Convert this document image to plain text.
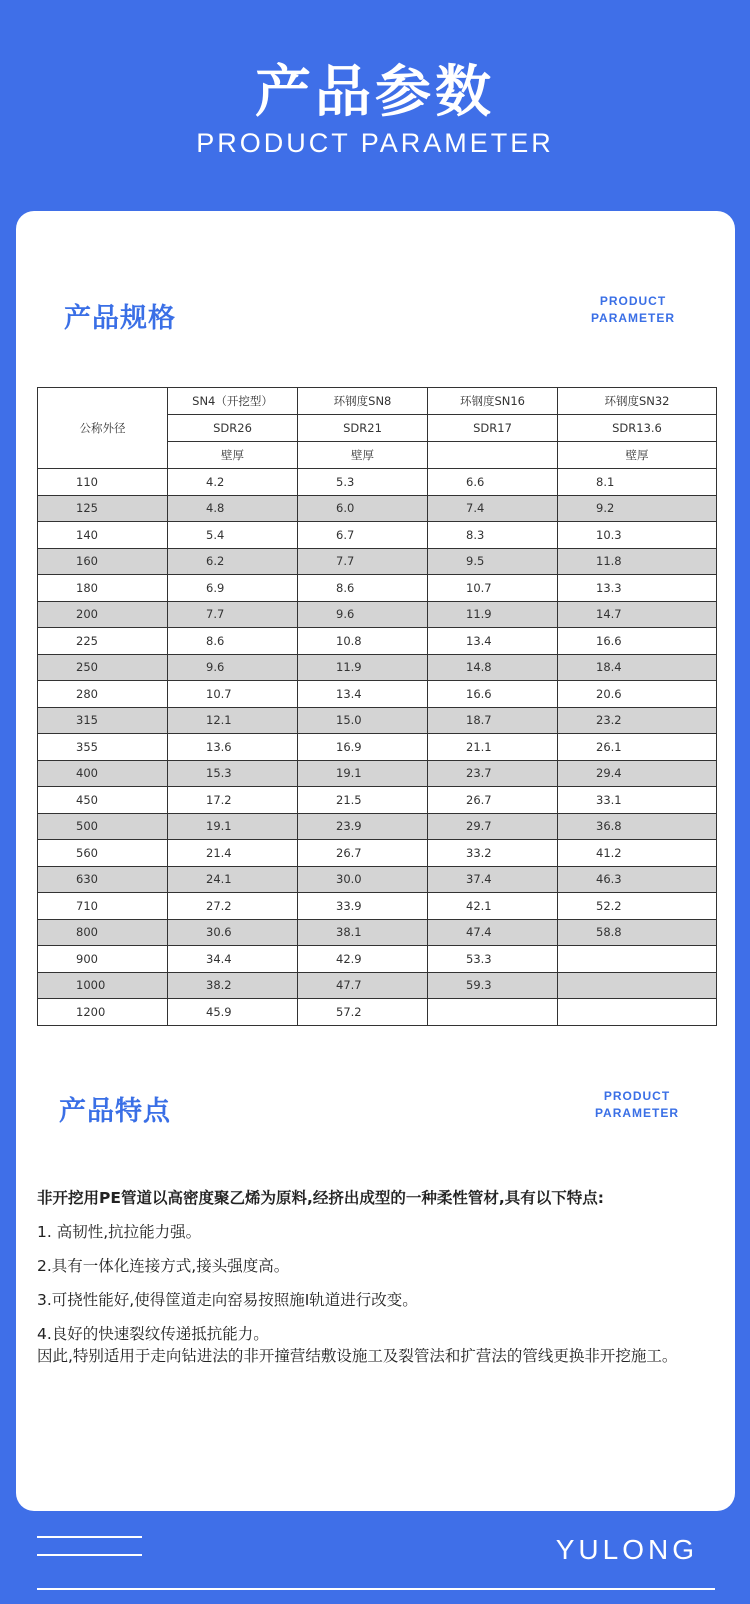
产品参数
PRODUCT PARAMETER
产品规格
PRODUCT
PARAMETER
公称外径	SN4（开挖型）	环钢度SN8	环钢度SN16	环钢度SN32
	SDR26	SDR21	SDR17	SDR13.6
	壁厚	壁厚		壁厚
110	4.2	5.3	6.6	8.1
125	4.8	6.0	7.4	9.2
140	5.4	6.7	8.3	10.3
160	6.2	7.7	9.5	11.8
180	6.9	8.6	10.7	13.3
200	7.7	9.6	11.9	14.7
225	8.6	10.8	13.4	16.6
250	9.6	11.9	14.8	18.4
280	10.7	13.4	16.6	20.6
315	12.1	15.0	18.7	23.2
355	13.6	16.9	21.1	26.1
400	15.3	19.1	23.7	29.4
450	17.2	21.5	26.7	33.1
500	19.1	23.9	29.7	36.8
560	21.4	26.7	33.2	41.2
630	24.1	30.0	37.4	46.3
710	27.2	33.9	42.1	52.2
800	30.6	38.1	47.4	58.8
900	34.4	42.9	53.3	
1000	38.2	47.7	59.3	
1200	45.9	57.2		
产品特点	PRODUCT
PARAMETER

非开挖用PE管道以高密度聚乙烯为原料,经挤出成型的一种柔性管材,具有以下特点:

1. 高韧性,抗拉能力强。

2.具有一体化连接方式,接头强度高。

3.可挠性能好,使得筐道走向窑易按照施I轨道进行改变。

4.良好的快速裂纹传递抵抗能力。

因此,特别适用于走向钻进法的非开撞营结敷设施工及裂管法和扩营法的管线更换非开挖施工。

YULONG
